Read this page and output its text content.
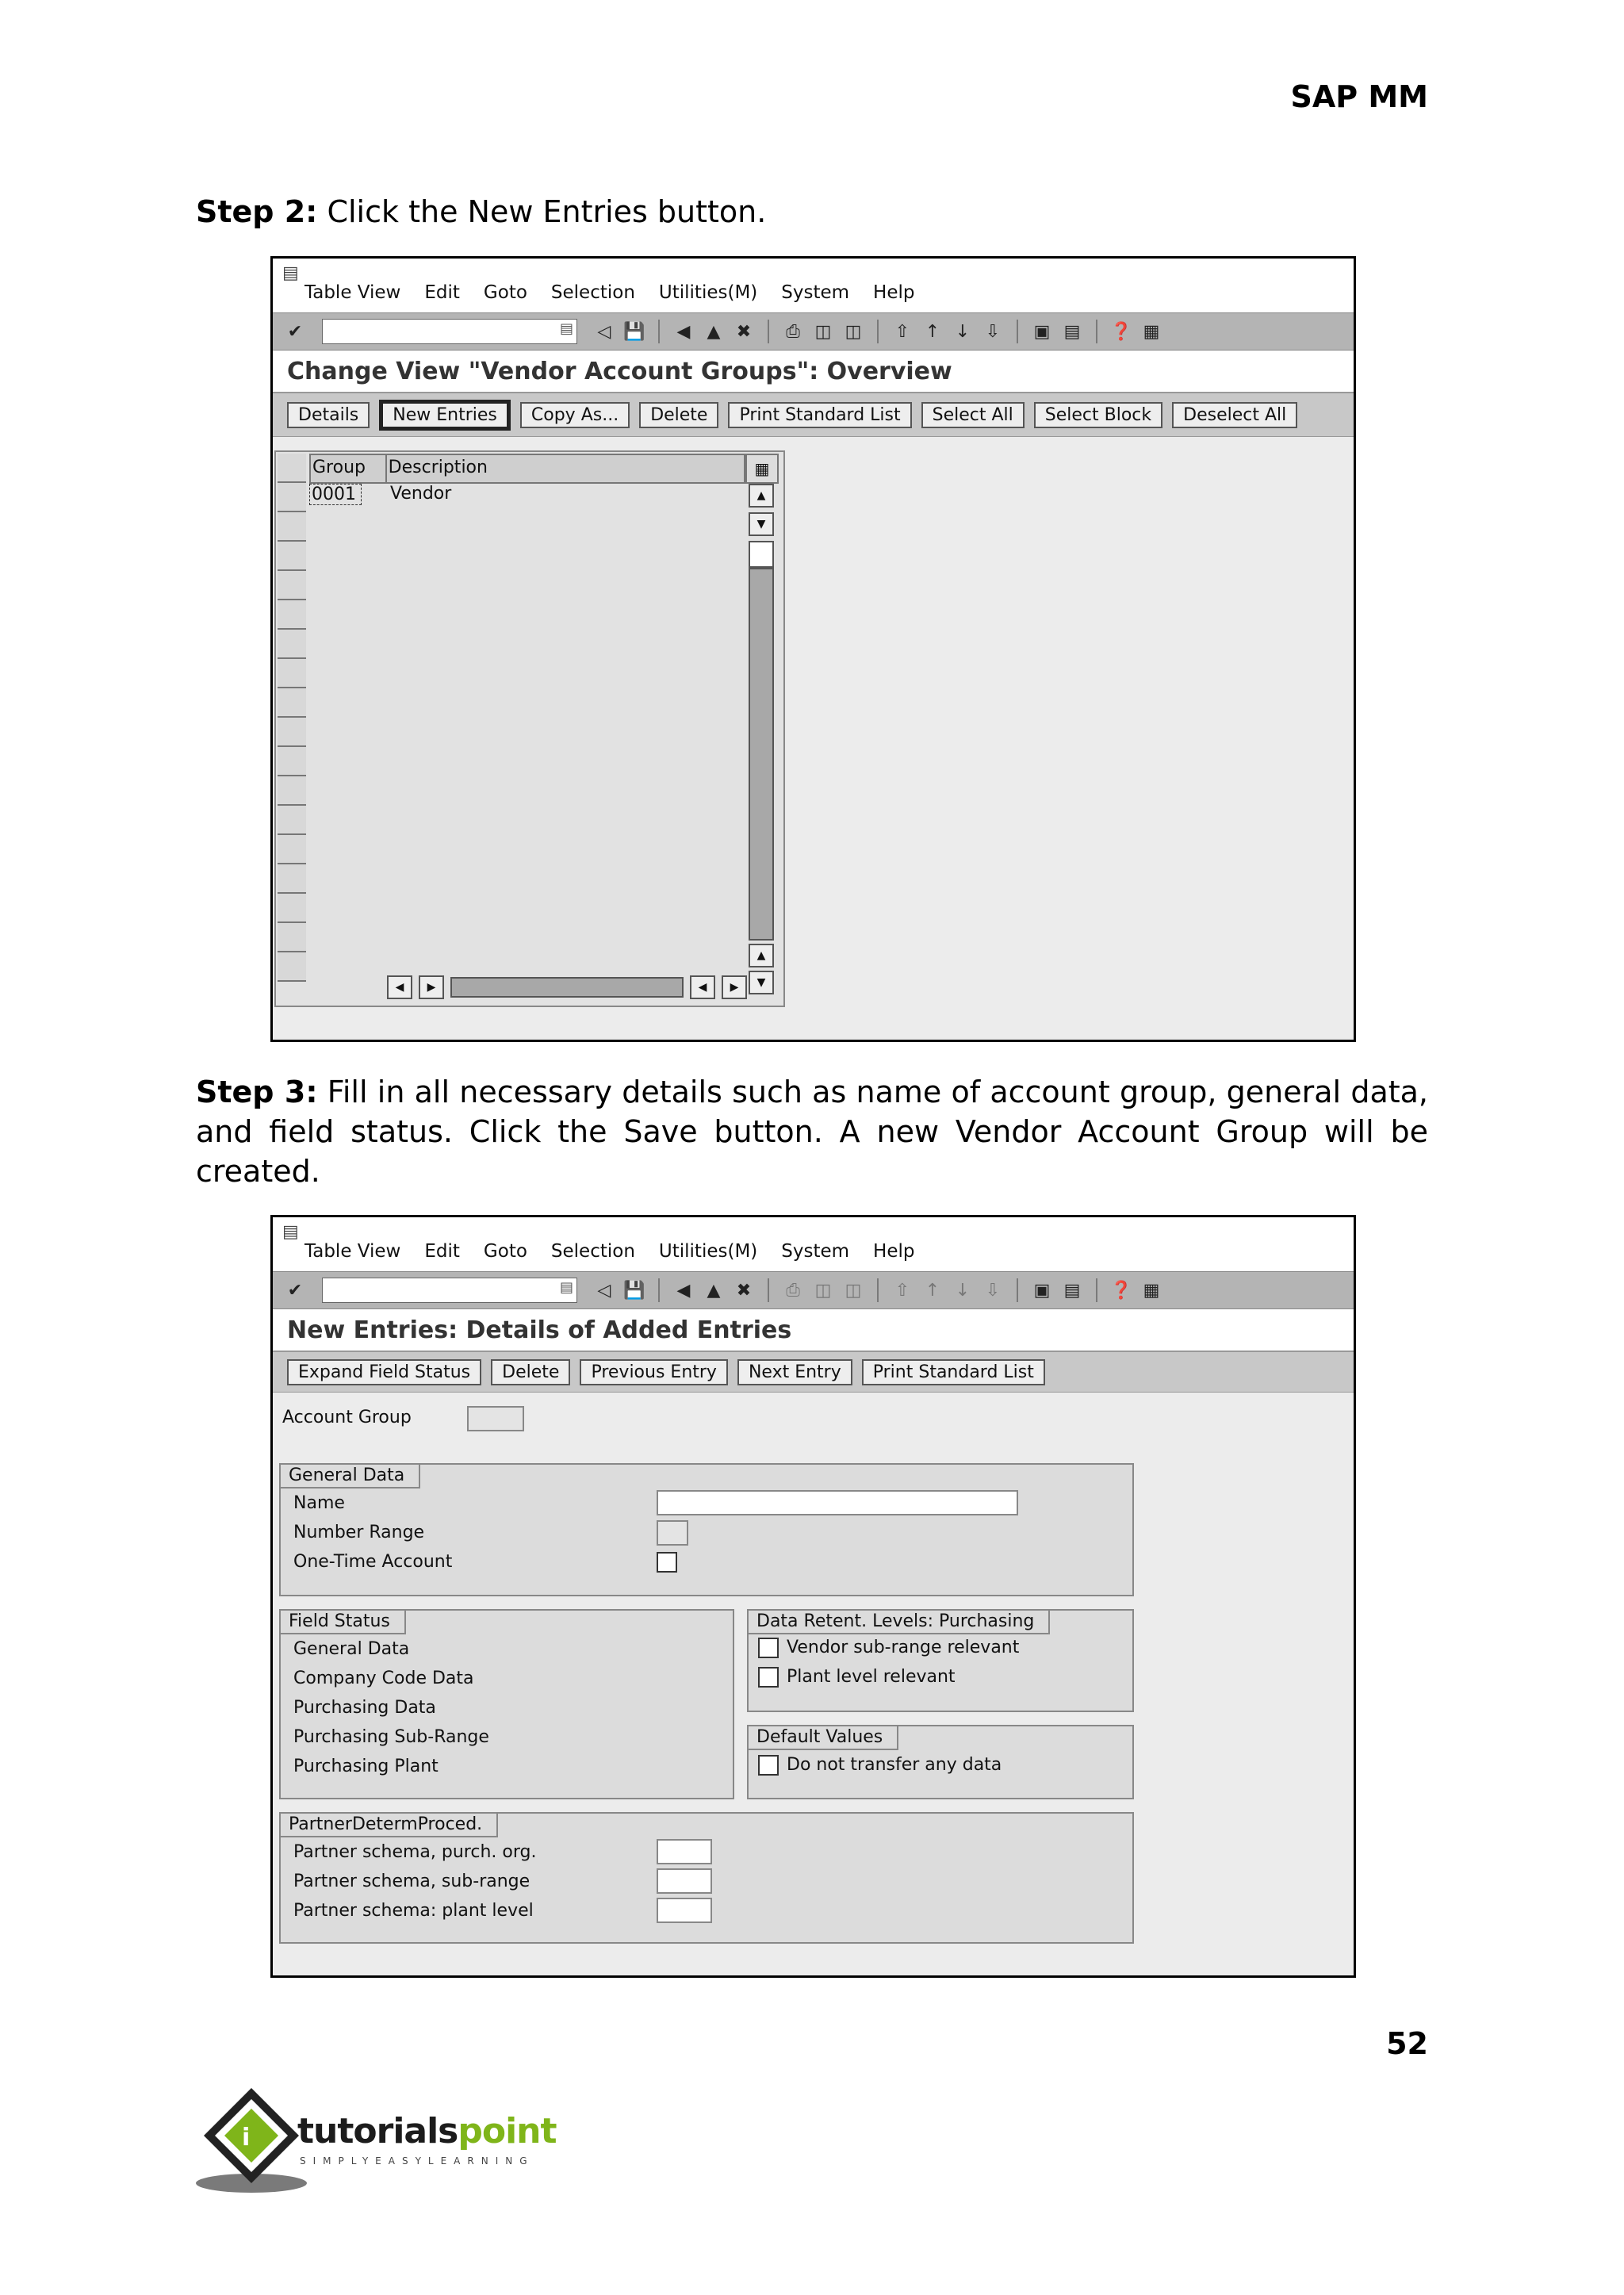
SAP MM
Step 2: Click the New Entries button.
▤
Table View Edit Goto Selection Utilities(M) System Help
✔	▤ ◁ 💾 ◀ ▲ ✖ ⎙ ◫ ◫ ⇧ ↑ ↓ ⇩ ▣ ▤ ❓ ▦
Change View "Vendor Account Groups": Overview
Details	New Entries	Copy As...	Delete	Print Standard List	Select All	Select Block	Deselect All
Group	Description	▦
0001	Vendor	▲
▼
▲
▼
◀	▶	◀	▶
Step 3: Fill in all necessary details such as name of account group, general data, and field status. Click the Save button. A new Vendor Account Group will be created.
▤
Table View Edit Goto Selection Utilities(M) System Help
✔	▤ ◁ 💾 ◀ ▲ ✖ ⎙ ◫ ◫ ⇧ ↑ ↓ ⇩ ▣ ▤ ❓ ▦
New Entries: Details of Added Entries
Expand Field Status	Delete	Previous Entry	Next Entry	Print Standard List
Account Group
General Data
Name
Number Range
One-Time Account
Field Status
General Data
Company Code Data
Purchasing Data
Purchasing Sub-Range
Purchasing Plant
Data Retent. Levels: Purchasing
Vendor sub-range relevant
Plant level relevant
Default Values
Do not transfer any data
PartnerDetermProced.
Partner schema, purch. org.
Partner schema, sub-range
Partner schema: plant level
52
i tutorialspoint
SIMPLYEASYLEARNING
